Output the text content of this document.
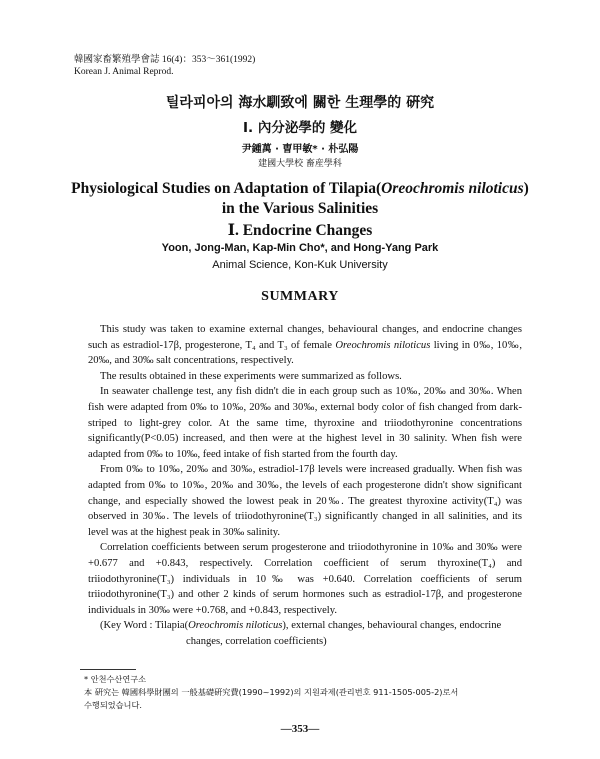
韓國家畜繁殖學會誌 16(4)：353～361(1992)
Korean J. Animal Reprod.
틸라피아의 海水馴致에 關한 生理學的 硏究
Ⅰ. 內分泌學的 變化
尹鍾萬 · 曺甲敏* · 朴弘陽
建國大學校 畜産學科
Physiological Studies on Adaptation of Tilapia(Oreochromis niloticus)
in the Various Salinities
Ⅰ. Endocrine Changes
Yoon, Jong-Man, Kap-Min Cho*, and Hong-Yang Park
Animal Science, Kon-Kuk University
SUMMARY

This study was taken to examine external changes, behavioural changes, and endocrine changes such as estradiol-17β, progesterone, T₄ and T₃ of female Oreochromis niloticus living in 0‰, 10‰, 20‰, and 30‰ salt concentrations, respectively.

The results obtained in these experiments were summarized as follows.

In seawater challenge test, any fish didn't die in each group such as 10‰, 20‰ and 30‰. When fish were adapted from 0‰ to 10‰, 20‰ and 30‰, external body color of fish changed from dark-striped to light-grey color. At the same time, thyroxine and triiodothyronine concentrations significantly(P<0.05) increased, and then were at the highest level in 30 salinity. When fish were adapted from 0‰ to 10‰, feed intake of fish started from the fourth day.

From 0‰ to 10‰, 20‰ and 30‰, estradiol-17β levels were increased gradually. When fish was adapted from 0‰ to 10‰, 20‰ and 30‰, the levels of each progesterone didn't show significant change, and especially showed the lowest peak in 20‰. The greatest thyroxine activity(T₄) was observed in 30‰. The levels of triiodothyronine(T₃) significantly changed in all salinities, and its level was at the highest peak in 30‰ salinity.

Correlation coefficients between serum progesterone and triiodothyronine in 10‰ and 30‰ were +0.677 and +0.843, respectively. Correlation coefficient of serum thyroxine(T₄) and triiodothyronine(T₃) individuals in 10‰ was +0.640. Correlation coefficients of serum triiodothyronine(T₃) and other 2 kinds of serum hormones such as estradiol-17β, and progesterone individuals in 30‰ were +0.768, and +0.843, respectively.

(Key Word : Tilapia(Oreochromis niloticus), external changes, behavioural changes, endocrine
changes, correlation coefficients)

* 안천수산연구소
本 硏究는 韓國科學財團의 一般基礎硏究費(1990~1992)의 지원과제(관리번호 911-1505-005-2)로서
수행되었습니다.
—353—
